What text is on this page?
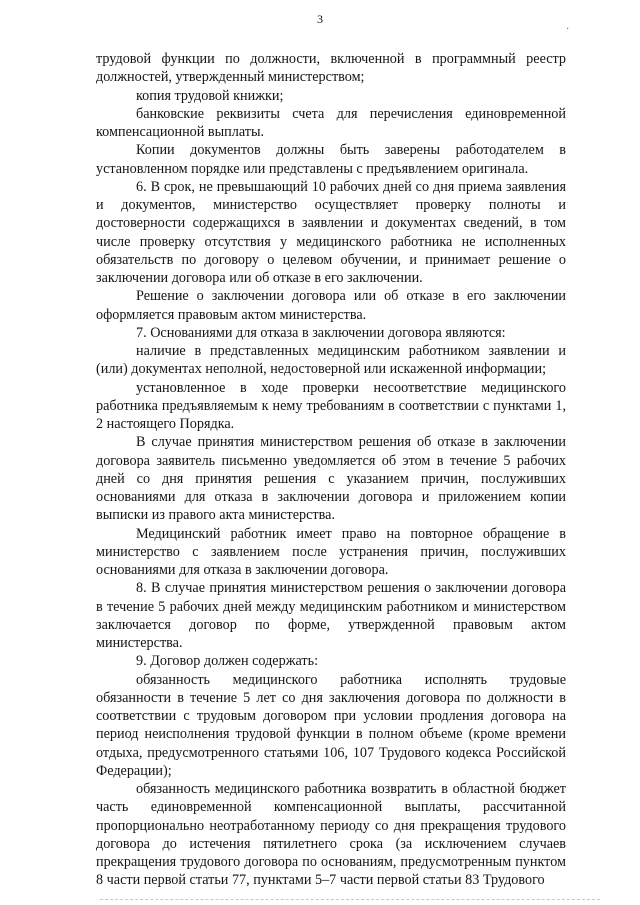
3
·

трудовой функции по должности, включенной в программный реестр должностей, утвержденный министерством;

копия трудовой книжки;

банковские реквизиты счета для перечисления единовременной компенсационной выплаты.

Копии документов должны быть заверены работодателем в установленном порядке или представлены с предъявлением оригинала.

6. В срок, не превышающий 10 рабочих дней со дня приема заявления и документов, министерство осуществляет проверку полноты и достоверности содержащихся в заявлении и документах сведений, в том числе проверку отсутствия у медицинского работника не исполненных обязательств по договору о целевом обучении, и принимает решение о заключении договора или об отказе в его заключении.

Решение о заключении договора или об отказе в его заключении оформляется правовым актом министерства.

7. Основаниями для отказа в заключении договора являются:

наличие в представленных медицинским работником заявлении и (или) документах неполной, недостоверной или искаженной информации;

установленное в ходе проверки несоответствие медицинского работника предъявляемым к нему требованиям в соответствии с пунктами 1, 2 настоящего Порядка.

В случае принятия министерством решения об отказе в заключении договора заявитель письменно уведомляется об этом в течение 5 рабочих дней со дня принятия решения с указанием причин, послуживших основаниями для отказа в заключении договора и приложением копии выписки из правого акта министерства.

Медицинский работник имеет право на повторное обращение в министерство с заявлением после устранения причин, послуживших основаниями для отказа в заключении договора.

8. В случае принятия министерством решения о заключении договора в течение 5 рабочих дней между медицинским работником и министерством заключается договор по форме, утвержденной правовым актом министерства.

9. Договор должен содержать:

обязанность медицинского работника исполнять трудовые обязанности в течение 5 лет со дня заключения договора по должности в соответствии с трудовым договором при условии продления договора на период неисполнения трудовой функции в полном объеме (кроме времени отдыха, предусмотренного статьями 106, 107 Трудового кодекса Российской Федерации);

обязанность медицинского работника возвратить в областной бюджет часть единовременной компенсационной выплаты, рассчитанной пропорционально неотработанному периоду со дня прекращения трудового договора до истечения пятилетнего срока (за исключением случаев прекращения трудового договора по основаниям, предусмотренным пунктом 8 части первой статьи 77, пунктами 5–7 части первой статьи 83 Трудового
